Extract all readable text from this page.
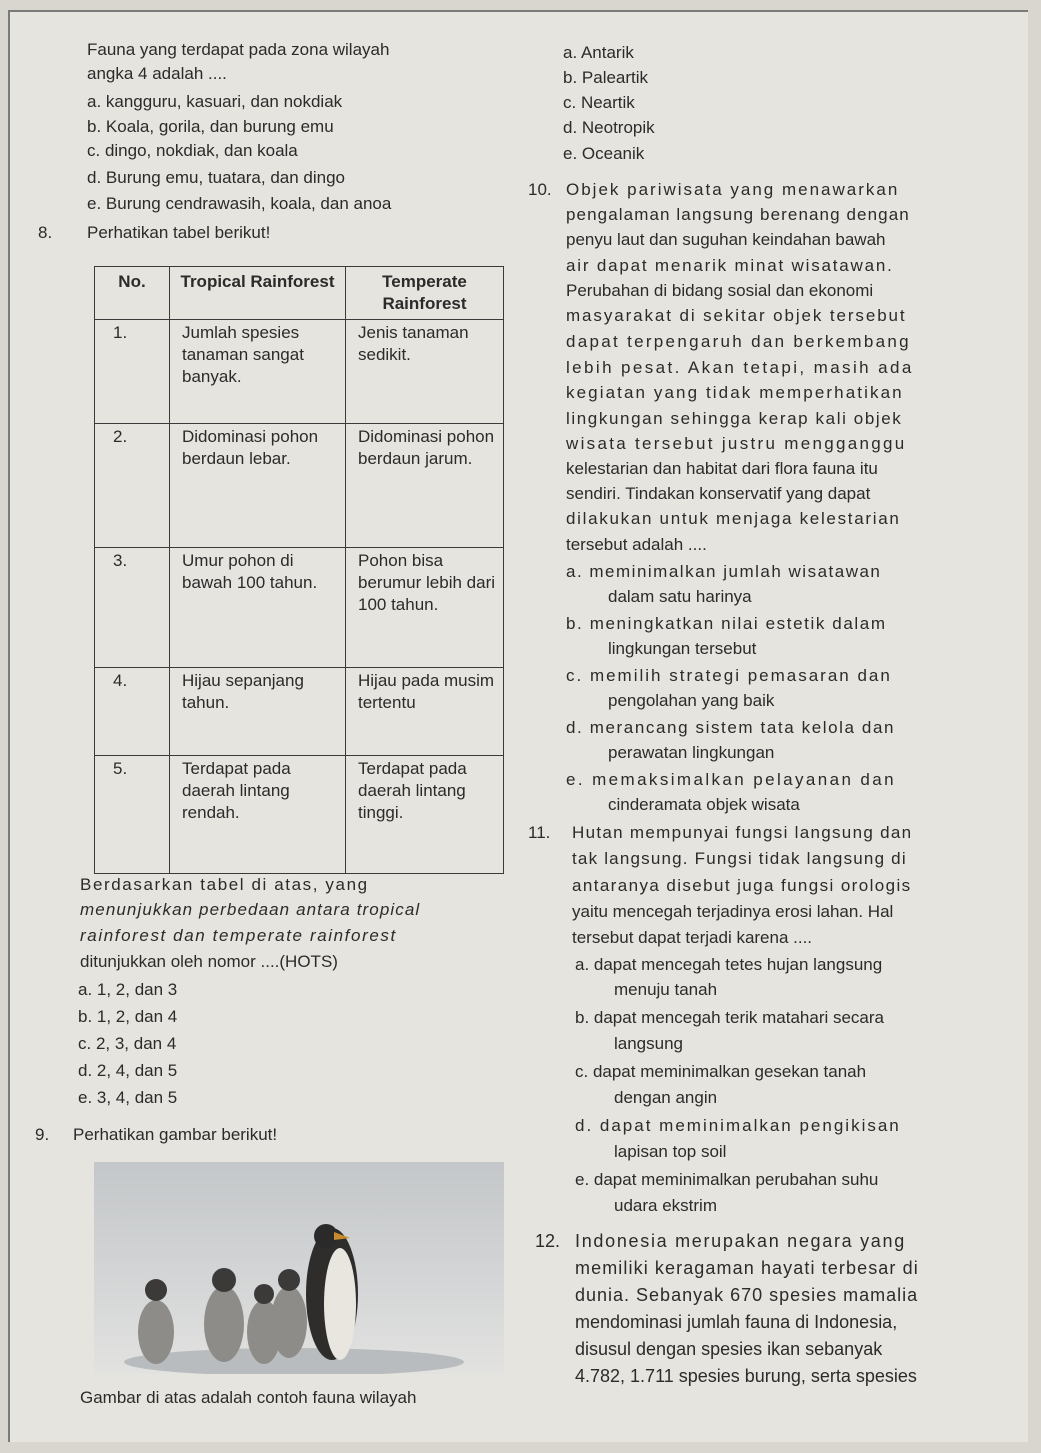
Fauna yang terdapat pada zona wilayah
angka 4 adalah ....
a. kangguru, kasuari, dan nokdiak
b. Koala, gorila, dan burung emu
c. dingo, nokdiak, dan koala
d. Burung emu, tuatara, dan dingo
e. Burung cendrawasih, koala, dan anoa
a. Antarik
b. Paleartik
c. Neartik
d. Neotropik
e. Oceanik
8. Perhatikan tabel berikut!
No.	Tropical Rainforest	Temperate Rainforest
1.	Jumlah spesies tanaman sangat banyak.	Jenis tanaman sedikit.
2.	Didominasi pohon berdaun lebar.	Didominasi pohon berdaun jarum.
3.	Umur pohon di bawah 100 tahun.	Pohon bisa berumur lebih dari 100 tahun.
4.	Hijau sepanjang tahun.	Hijau pada musim tertentu
5.	Terdapat pada daerah lintang rendah.	Terdapat pada daerah lintang tinggi.
Berdasarkan tabel di atas, yang
menunjukkan perbedaan antara tropical
rainforest dan temperate rainforest
ditunjukkan oleh nomor ....(HOTS)
a. 1, 2, dan 3
b. 1, 2, dan 4
c. 2, 3, dan 4
d. 2, 4, dan 5
e. 3, 4, dan 5
9. Perhatikan gambar berikut!
Gambar di atas adalah contoh fauna wilayah
10. Objek pariwisata yang menawarkan
pengalaman langsung berenang dengan
penyu laut dan suguhan keindahan bawah
air dapat menarik minat wisatawan.
Perubahan di bidang sosial dan ekonomi
masyarakat di sekitar objek tersebut
dapat terpengaruh dan berkembang
lebih pesat. Akan tetapi, masih ada
kegiatan yang tidak memperhatikan
lingkungan sehingga kerap kali objek
wisata tersebut justru mengganggu
kelestarian dan habitat dari flora fauna itu
sendiri. Tindakan konservatif yang dapat
dilakukan untuk menjaga kelestarian
tersebut adalah ....
a. meminimalkan jumlah wisatawan
dalam satu harinya
b. meningkatkan nilai estetik dalam
lingkungan tersebut
c. memilih strategi pemasaran dan
pengolahan yang baik
d. merancang sistem tata kelola dan
perawatan lingkungan
e. memaksimalkan pelayanan dan
cinderamata objek wisata
11. Hutan mempunyai fungsi langsung dan
tak langsung. Fungsi tidak langsung di
antaranya disebut juga fungsi orologis
yaitu mencegah terjadinya erosi lahan. Hal
tersebut dapat terjadi karena ....
a. dapat mencegah tetes hujan langsung
menuju tanah
b. dapat mencegah terik matahari secara
langsung
c. dapat meminimalkan gesekan tanah
dengan angin
d. dapat meminimalkan pengikisan
lapisan top soil
e. dapat meminimalkan perubahan suhu
udara ekstrim
12. Indonesia merupakan negara yang
memiliki keragaman hayati terbesar di
dunia. Sebanyak 670 spesies mamalia
mendominasi jumlah fauna di Indonesia,
disusul dengan spesies ikan sebanyak
4.782, 1.711 spesies burung, serta spesies
